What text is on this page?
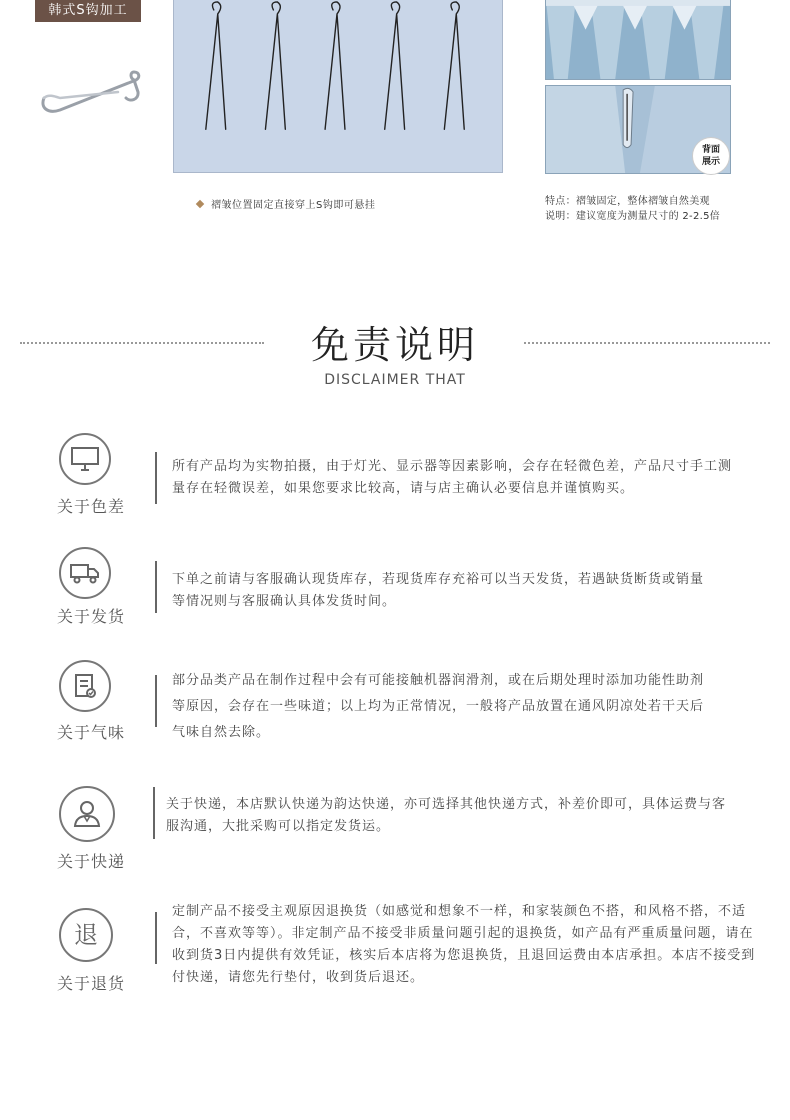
韩式S钩加工
褶皱位置固定直接穿上S钩即可悬挂
背面
展示
特点：褶皱固定，整体褶皱自然美观
说明：建议宽度为测量尺寸的 2-2.5倍
免责说明
DISCLAIMER THAT
关于色差
所有产品均为实物拍摄，由于灯光、显示器等因素影响，会存在轻微色差，产品尺寸手工测量存在轻微误差，如果您要求比较高，请与店主确认必要信息并谨慎购买。
关于发货
下单之前请与客服确认现货库存，若现货库存充裕可以当天发货，若遇缺货断货或销量等情况则与客服确认具体发货时间。
关于气味
部分品类产品在制作过程中会有可能接触机器润滑剂，或在后期处理时添加功能性助剂等原因，会存在一些味道；以上均为正常情况，一般将产品放置在通风阴凉处若干天后气味自然去除。
关于快递
关于快递，本店默认快递为韵达快递，亦可选择其他快递方式，补差价即可，具体运费与客服沟通，大批采购可以指定发货运。
退
关于退货
定制产品不接受主观原因退换货（如感觉和想象不一样，和家装颜色不搭，和风格不搭，不适合，不喜欢等等）。非定制产品不接受非质量问题引起的退换货，如产品有严重质量问题，请在收到货3日内提供有效凭证，核实后本店将为您退换货，且退回运费由本店承担。本店不接受到付快递，请您先行垫付，收到货后退还。
